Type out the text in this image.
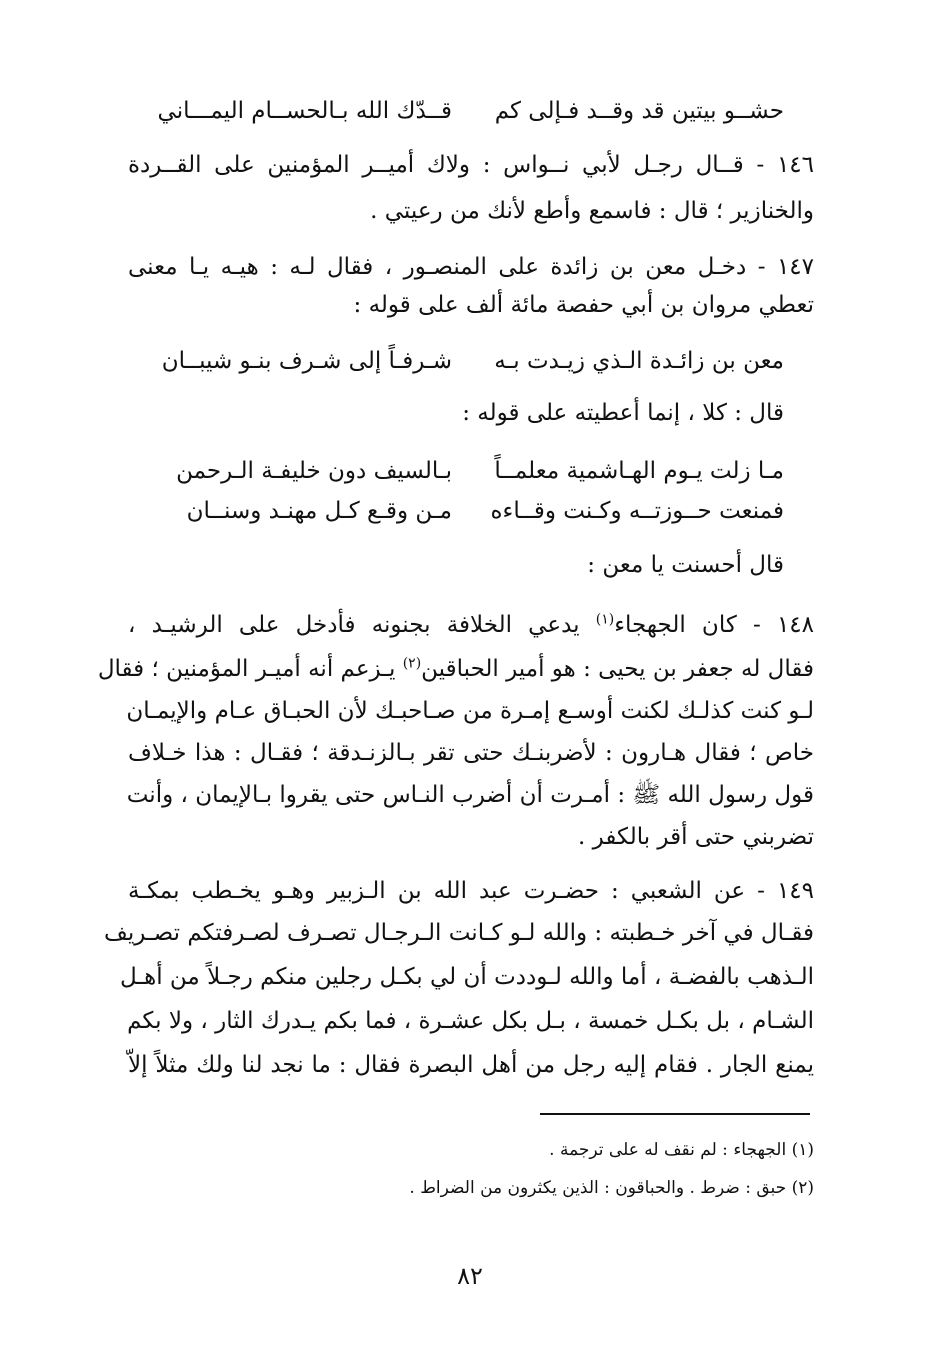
حشــو بيتين قد وقــد فـإلى كم
قــدّك الله بـالحســام اليمـــاني
١٤٦ - قــال رجـل لأبي نــواس : ولاك أميــر المؤمنين على القــردة
والخنازير ؛ قال : فاسمع وأطع لأنك من رعيتي .
١٤٧ - دخـل معن بن زائدة على المنصـور ، فقال لـه : هيـه يـا معنى
تعطي مروان بن أبي حفصة مائة ألف على قوله :
معن بن زائـدة الـذي زيـدت بـه
شـرفـاً إلى شـرف بنـو شيبــان
قال : كلا ، إنما أعطيته على قوله :
مـا زلت يـوم الهـاشمية معلمــاً
بـالسيف دون خليفـة الـرحمن
فمنعت حــوزتــه وكـنت وقــاءه
مـن وقـع كـل مهنـد وسنــان
قال أحسنت يا معن :
١٤٨ - كان الجهجاء$^{(١)}$ يدعي الخلافة بجنونه فأدخل على الرشيـد ،
فقال له جعفر بن يحيى : هو أمير الحباقين$^{(٢)}$ يـزعم أنه أميـر المؤمنين ؛ فقال
لـو كنت كذلـك لكنت أوسـع إمـرة من صـاحبـك لأن الحبـاق عـام والإيمـان
خاص ؛ فقال هـارون : لأضربنـك حتى تقر بـالزنـدقة ؛ فقـال : هذا خـلاف
قول رسول الله ﷺ : أمـرت أن أضرب النـاس حتى يقروا بـالإيمان ، وأنت
تضربني حتى أقر بالكفر .
١٤٩ - عن الشعبي : حضـرت عبد الله بن الـزبير وهـو يخـطب بمكـة
فقـال في آخر خـطبته : والله لـو كـانت الـرجـال تصـرف لصـرفتكم تصـريف
الـذهب بالفضـة ، أما والله لـوددت أن لي بكـل رجلين منكم رجـلاً من أهـل
الشـام ، بل بكـل خمسة ، بـل بكل عشـرة ، فما بكم يـدرك الثار ، ولا بكم
يمنع الجار . فقام إليه رجل من أهل البصرة فقال : ما نجد لنا ولك مثلاً إلاّ
(١) الجهجاء : لم نقف له على ترجمة .
(٢) حبق : ضرط . والحباقون : الذين يكثرون من الضراط .
٨٢
